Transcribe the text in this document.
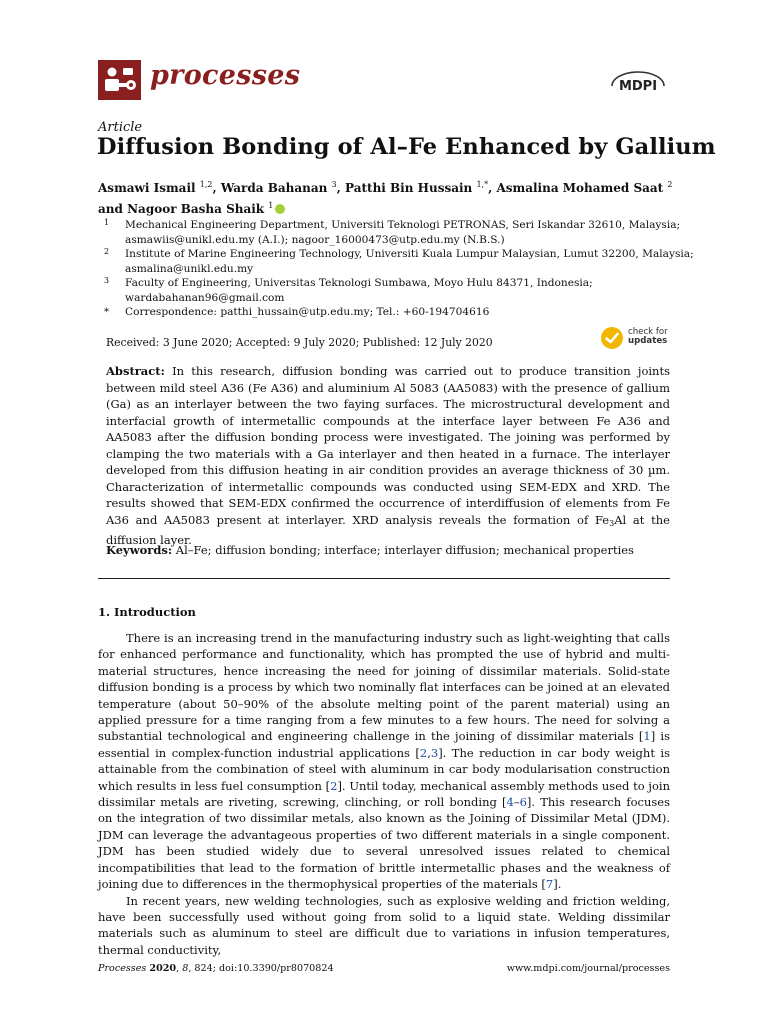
processes	MDPI
Article
Diffusion Bonding of Al–Fe Enhanced by Gallium
Asmawi Ismail $^{1,2}$, Warda Bahanan $^3$, Patthi Bin Hussain $^{1,*}$, Asmalina Mohamed Saat $^2$
and Nagoor Basha Shaik $^1$
1 Mechanical Engineering Department, Universiti Teknologi PETRONAS, Seri Iskandar 32610, Malaysia;
asmawiis@unikl.edu.my (A.I.); nagoor_16000473@utp.edu.my (N.B.S.)
2 Institute of Marine Engineering Technology, Universiti Kuala Lumpur Malaysian, Lumut 32200, Malaysia;
asmalina@unikl.edu.my
3 Faculty of Engineering, Universitas Teknologi Sumbawa, Moyo Hulu 84371, Indonesia;
wardabahanan96@gmail.com
* Correspondence: patthi_hussain@utp.edu.my; Tel.: +60-194704616
Received: 3 June 2020; Accepted: 9 July 2020; Published: 12 July 2020
check for
updates
Abstract: In this research, diffusion bonding was carried out to produce transition joints between mild steel A36 (Fe A36) and aluminium Al 5083 (AA5083) with the presence of gallium (Ga) as an interlayer between the two faying surfaces. The microstructural development and interfacial growth of intermetallic compounds at the interface layer between Fe A36 and AA5083 after the diffusion bonding process were investigated. The joining was performed by clamping the two materials with a Ga interlayer and then heated in a furnace. The interlayer developed from this diffusion heating in air condition provides an average thickness of 30 µm. Characterization of intermetallic compounds was conducted using SEM-EDX and XRD. The results showed that SEM-EDX confirmed the occurrence of interdiffusion of elements from Fe A36 and AA5083 present at interlayer. XRD analysis reveals the formation of $Fe_3Al$ at the diffusion layer.
Keywords: Al–Fe; diffusion bonding; interface; interlayer diffusion; mechanical properties
1. Introduction

There is an increasing trend in the manufacturing industry such as light-weighting that calls for enhanced performance and functionality, which has prompted the use of hybrid and multi-material structures, hence increasing the need for joining of dissimilar materials. Solid-state diffusion bonding is a process by which two nominally flat interfaces can be joined at an elevated temperature (about 50–90% of the absolute melting point of the parent material) using an applied pressure for a time ranging from a few minutes to a few hours. The need for solving a substantial technological and engineering challenge in the joining of dissimilar materials [1] is essential in complex-function industrial applications [2,3]. The reduction in car body weight is attainable from the combination of steel with aluminum in car body modularisation construction which results in less fuel consumption [2]. Until today, mechanical assembly methods used to join dissimilar metals are riveting, screwing, clinching, or roll bonding [4–6]. This research focuses on the integration of two dissimilar metals, also known as the Joining of Dissimilar Metal (JDM). JDM can leverage the advantageous properties of two different materials in a single component. JDM has been studied widely due to several unresolved issues related to chemical incompatibilities that lead to the formation of brittle intermetallic phases and the weakness of joining due to differences in the thermophysical properties of the materials [7].

In recent years, new welding technologies, such as explosive welding and friction welding, have been successfully used without going from solid to a liquid state. Welding dissimilar materials such as aluminum to steel are difficult due to variations in infusion temperatures, thermal conductivity,

Processes 2020, 8, 824; doi:10.3390/pr8070824	www.mdpi.com/journal/processes
